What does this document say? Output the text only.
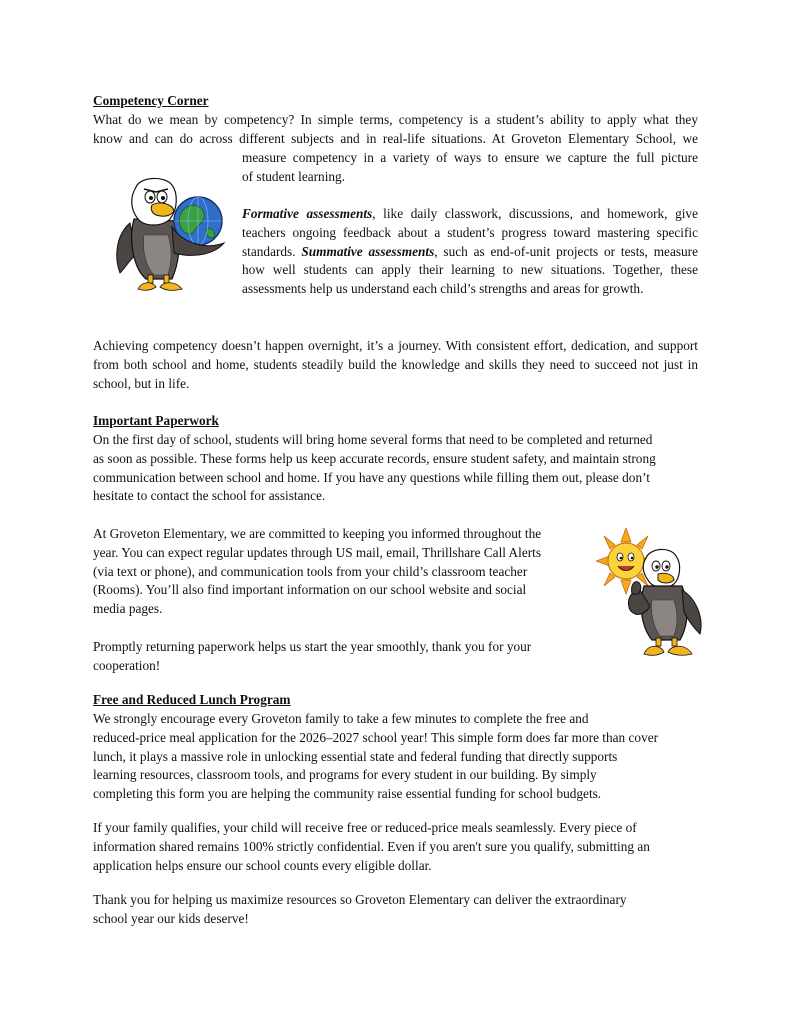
Competency Corner

What do we mean by competency? In simple terms, competency is a student’s ability to apply what they
know and can do across different subjects and in real-life situations. At Groveton Elementary School, we
measure competency in a variety of ways to ensure we capture the full picture
of student learning.
Formative assessments, like daily classwork, discussions, and homework, give teachers ongoing feedback about a student’s progress toward mastering specific standards. Summative assessments, such as end-of-unit projects or tests, measure how well students can apply their learning to new situations. Together, these assessments help us understand each child’s strengths and areas for growth.
Achieving competency doesn’t happen overnight, it’s a journey. With consistent effort, dedication, and support from both school and home, students steadily build the knowledge and skills they need to succeed not just in school, but in life.

Important Paperwork

On the first day of school, students will bring home several forms that need to be completed and returned
as soon as possible. These forms help us keep accurate records, ensure student safety, and maintain strong
communication between school and home. If you have any questions while filling them out, please don’t
hesitate to contact the school for assistance.
At Groveton Elementary, we are committed to keeping you informed throughout the
year. You can expect regular updates through US mail, email, Thrillshare Call Alerts
(via text or phone), and communication tools from your child’s classroom teacher
(Rooms). You’ll also find important information on our school website and social
media pages.
Promptly returning paperwork helps us start the year smoothly, thank you for your
cooperation!

Free and Reduced Lunch Program

We strongly encourage every Groveton family to take a few minutes to complete the free and
reduced-price meal application for the 2026–2027 school year! This simple form does far more than cover
lunch, it plays a massive role in unlocking essential state and federal funding that directly supports
learning resources, classroom tools, and programs for every student in our building. By simply
completing this form you are helping the community raise essential funding for school budgets.
If your family qualifies, your child will receive free or reduced-price meals seamlessly. Every piece of
information shared remains 100% strictly confidential. Even if you aren't sure you qualify, submitting an
application helps ensure our school counts every eligible dollar.
Thank you for helping us maximize resources so Groveton Elementary can deliver the extraordinary
school year our kids deserve!
